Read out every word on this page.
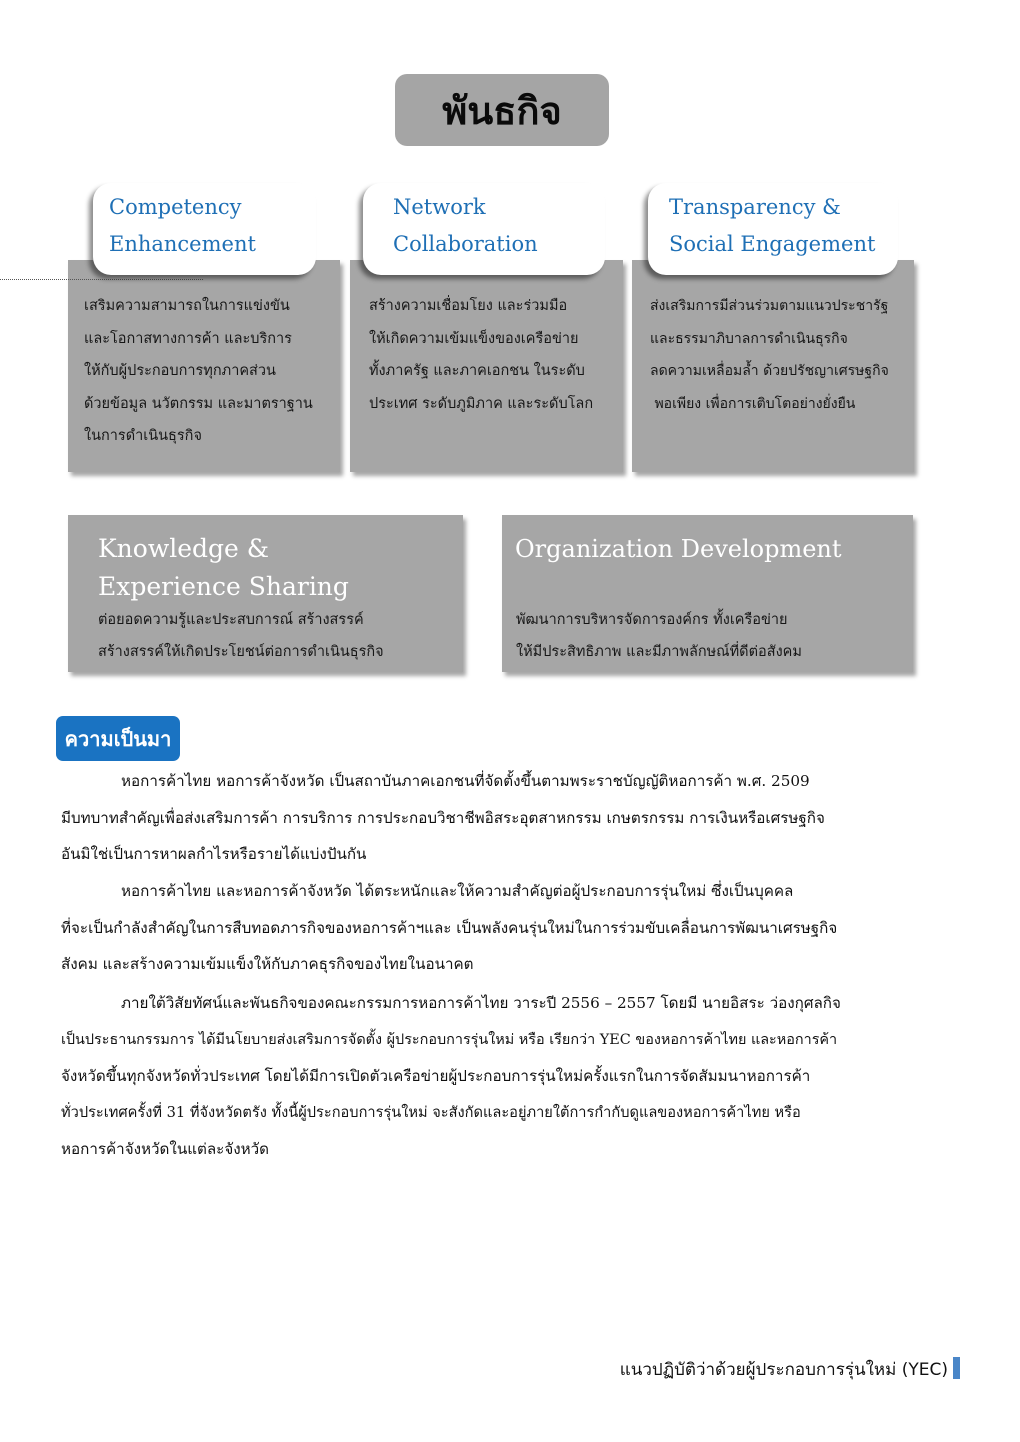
พันธกิจ
Competency
Enhancement
เสริมความสามารถในการแข่งขัน
และโอกาสทางการค้า และบริการ
ให้กับผู้ประกอบการทุกภาคส่วน
ด้วยข้อมูล นวัตกรรม และมาตราฐาน
ในการดำเนินธุรกิจ
Network
Collaboration
สร้างความเชื่อมโยง และร่วมมือ
ให้เกิดความเข้มแข็งของเครือข่าย
ทั้งภาครัฐ และภาคเอกชน ในระดับ
ประเทศ ระดับภูมิภาค และระดับโลก
Transparency &
Social Engagement
ส่งเสริมการมีส่วนร่วมตามแนวประชารัฐ
และธรรมาภิบาลการดำเนินธุรกิจ
ลดความเหลื่อมล้ำ ด้วยปรัชญาเศรษฐกิจ
พอเพียง เพื่อการเติบโตอย่างยั่งยืน
Knowledge &
Experience Sharing
ต่อยอดความรู้และประสบการณ์ สร้างสรรค์
สร้างสรรค์ให้เกิดประโยชน์ต่อการดำเนินธุรกิจ
Organization Development
พัฒนาการบริหารจัดการองค์กร ทั้งเครือข่าย
ให้มีประสิทธิภาพ และมีภาพลักษณ์ที่ดีต่อสังคม
ความเป็นมา
หอการค้าไทย หอการค้าจังหวัด เป็นสถาบันภาคเอกชนที่จัดตั้งขึ้นตามพระราชบัญญัติหอการค้า พ.ศ. 2509
มีบทบาทสำคัญเพื่อส่งเสริมการค้า การบริการ การประกอบวิชาชีพอิสระอุตสาหกรรม เกษตรกรรม การเงินหรือเศรษฐกิจ
อันมิใช่เป็นการหาผลกำไรหรือรายได้แบ่งปันกัน
หอการค้าไทย และหอการค้าจังหวัด ได้ตระหนักและให้ความสำคัญต่อผู้ประกอบการรุ่นใหม่ ซึ่งเป็นบุคคล
ที่จะเป็นกำลังสำคัญในการสืบทอดภารกิจของหอการค้าฯและ เป็นพลังคนรุ่นใหม่ในการร่วมขับเคลื่อนการพัฒนาเศรษฐกิจ
สังคม และสร้างความเข้มแข็งให้กับภาคธุรกิจของไทยในอนาคต
ภายใต้วิสัยทัศน์และพันธกิจของคณะกรรมการหอการค้าไทย วาระปี 2556 – 2557 โดยมี นายอิสระ ว่องกุศลกิจ
เป็นประธานกรรมการ ได้มีนโยบายส่งเสริมการจัดตั้ง ผู้ประกอบการรุ่นใหม่ หรือ เรียกว่า YEC ของหอการค้าไทย และหอการค้า
จังหวัดขึ้นทุกจังหวัดทั่วประเทศ โดยได้มีการเปิดตัวเครือข่ายผู้ประกอบการรุ่นใหม่ครั้งแรกในการจัดสัมมนาหอการค้า
ทั่วประเทศครั้งที่ 31 ที่จังหวัดตรัง ทั้งนี้ผู้ประกอบการรุ่นใหม่ จะสังกัดและอยู่ภายใต้การกำกับดูแลของหอการค้าไทย หรือ
หอการค้าจังหวัดในแต่ละจังหวัด
แนวปฏิบัติว่าด้วยผู้ประกอบการรุ่นใหม่ (YEC)
